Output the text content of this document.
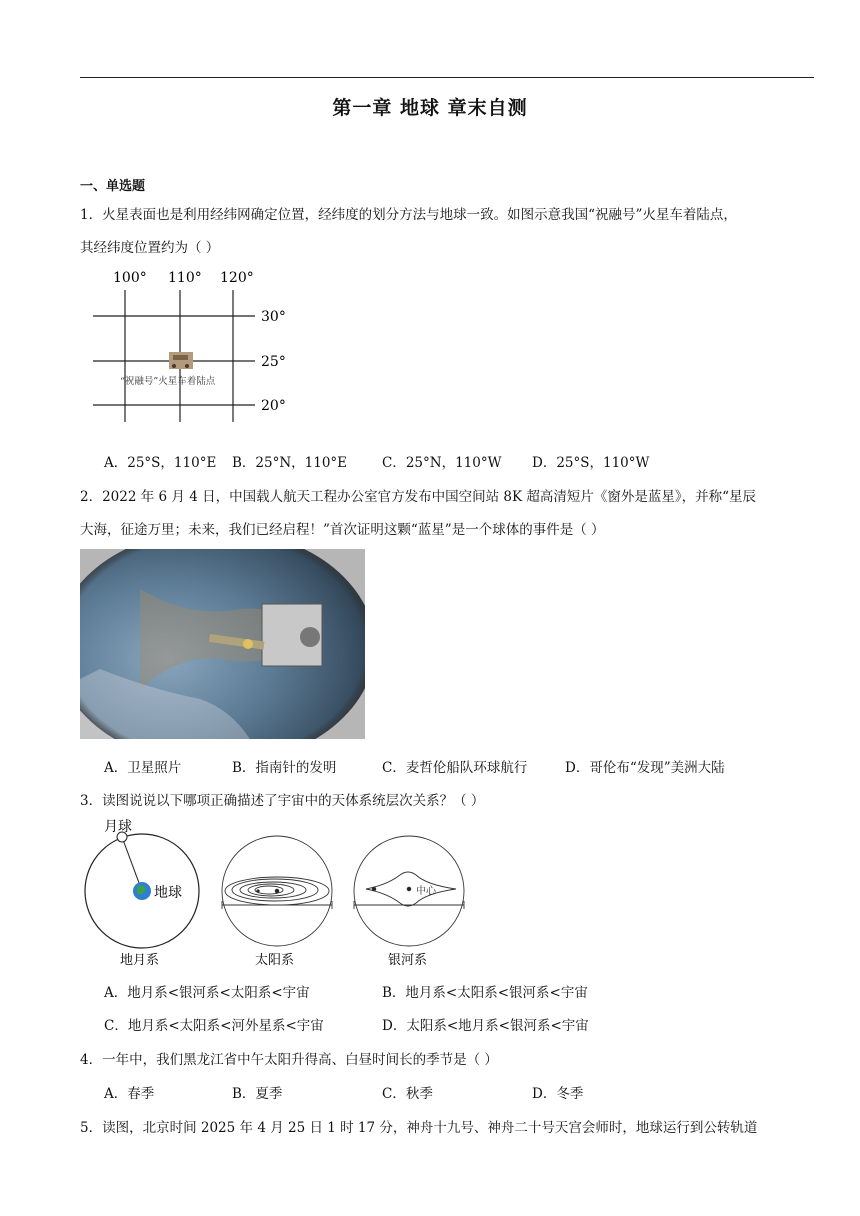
第一章 地球 章末自测
一、单选题
1．火星表面也是利用经纬网确定位置，经纬度的划分方法与地球一致。如图示意我国“祝融号”火星车着陆点，
其经纬度位置约为（ ）
100° 110° 120°
30°
25°
20°
“祝融号”火星车着陆点
A．25°S，110°E B．25°N，110°E	C．25°N，110°W D．25°S，110°W
2．2022 年 6 月 4 日，中国载人航天工程办公室官方发布中国空间站 8K 超高清短片《窗外是蓝星》，并称“星辰
大海，征途万里；未来，我们已经启程！”首次证明这颗“蓝星”是一个球体的事件是（ ）
A．卫星照片	B．指南针的发明	C．麦哲伦船队环球航行	D．哥伦布“发现”美洲大陆
3．读图说说以下哪项正确描述了宇宙中的天体系统层次关系？（ ）
月球
地球	中心
地月系	太阳系	银河系
A．地月系<银河系<太阳系<宇宙	B．地月系<太阳系<银河系<宇宙
C．地月系<太阳系<河外星系<宇宙	D．太阳系<地月系<银河系<宇宙
4．一年中，我们黑龙江省中午太阳升得高、白昼时间长的季节是（ ）
A．春季	B．夏季	C．秋季	D．冬季
5．读图，北京时间 2025 年 4 月 25 日 1 时 17 分，神舟十九号、神舟二十号天宫会师时，地球运行到公转轨道
